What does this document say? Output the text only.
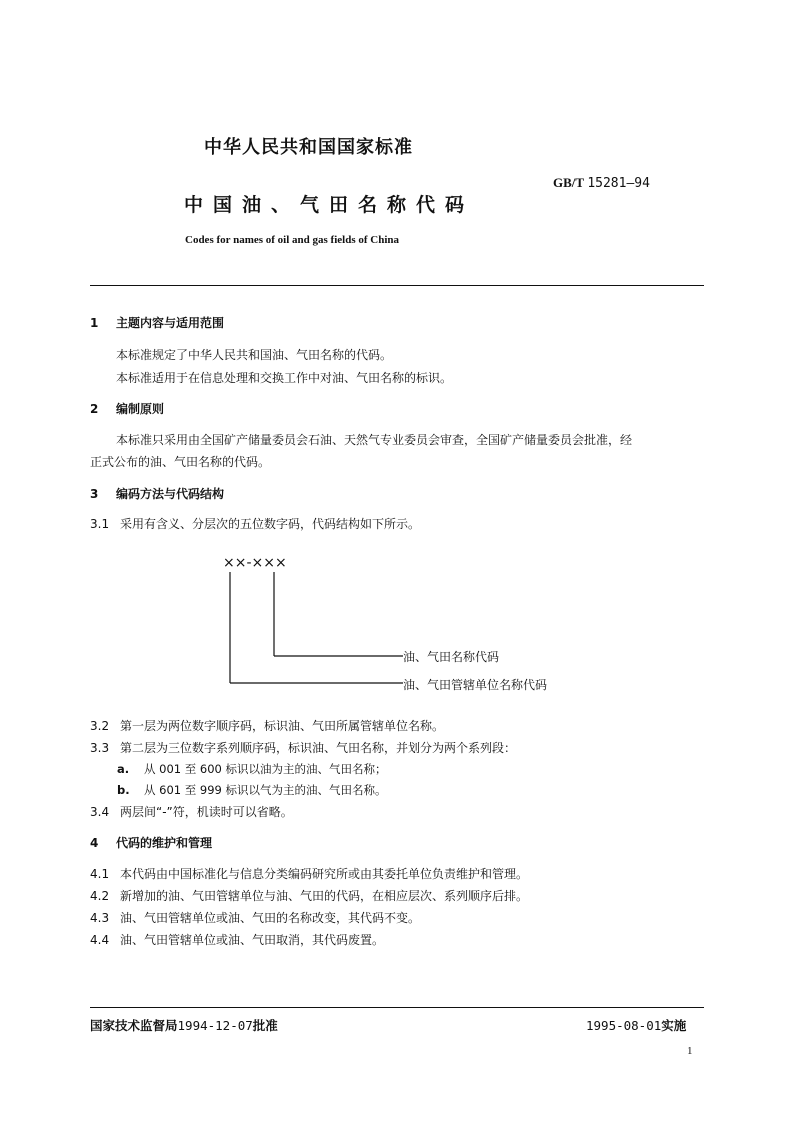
中华人民共和国国家标准
GB/T 15281—94
中国油、气田名称代码
Codes for names of oil and gas fields of China
1 主题内容与适用范围
本标准规定了中华人民共和国油、气田名称的代码。
本标准适用于在信息处理和交换工作中对油、气田名称的标识。
2 编制原则
本标准只采用由全国矿产储量委员会石油、天然气专业委员会审查，全国矿产储量委员会批准，经
正式公布的油、气田名称的代码。
3 编码方法与代码结构
3.1 采用有含义、分层次的五位数字码，代码结构如下所示。
××-×××
油、气田名称代码
油、气田管辖单位名称代码
3.2 第一层为两位数字顺序码，标识油、气田所属管辖单位名称。
3.3 第二层为三位数字系列顺序码，标识油、气田名称，并划分为两个系列段：
a. 从 001 至 600 标识以油为主的油、气田名称；
b. 从 601 至 999 标识以气为主的油、气田名称。
3.4 两层间“-”符，机读时可以省略。
4 代码的维护和管理
4.1 本代码由中国标准化与信息分类编码研究所或由其委托单位负责维护和管理。
4.2 新增加的油、气田管辖单位与油、气田的代码，在相应层次、系列顺序后排。
4.3 油、气田管辖单位或油、气田的名称改变，其代码不变。
4.4 油、气田管辖单位或油、气田取消，其代码废置。
国家技术监督局1994-12-07批准	1995-08-01实施
1
